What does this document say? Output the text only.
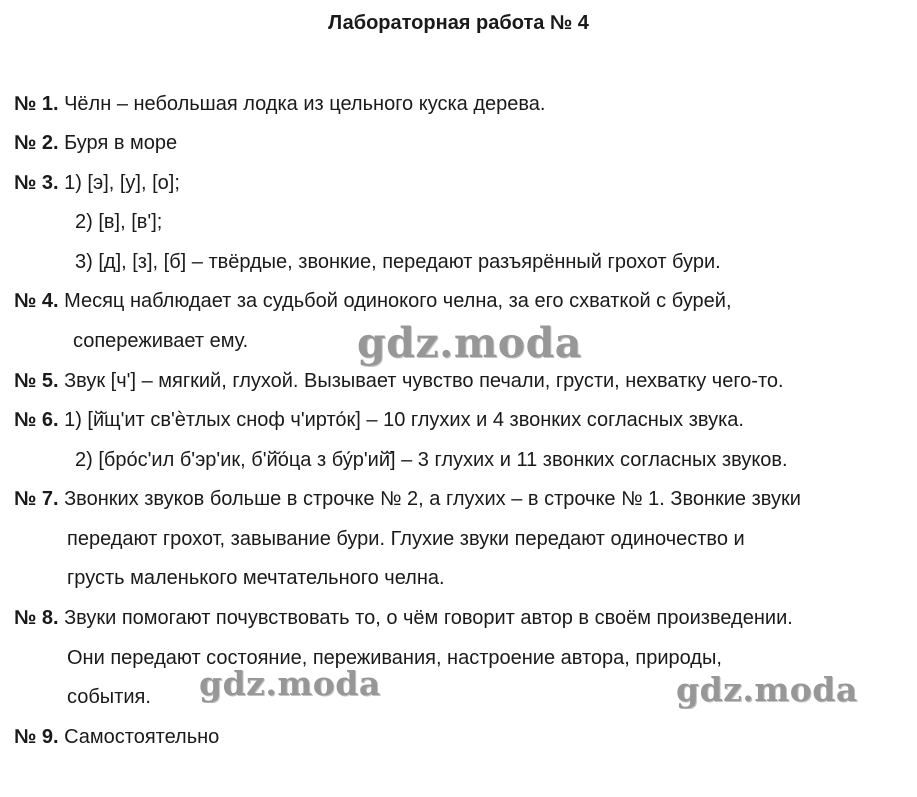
Лабораторная работа № 4
№ 1. Чёлн – небольшая лодка из цельного куска дерева.
№ 2. Буря в море
№ 3. 1) [э], [у], [о];
2) [в], [в'];
3) [д], [з], [б] – твёрдые, звонкие, передают разъярённый грохот бури.
№ 4. Месяц наблюдает за судьбой одинокого челна, за его схваткой с бурей,
сопереживает ему.
№ 5. Звук [ч'] – мягкий, глухой. Вызывает чувство печали, грусти, нехватку чего-то.
№ 6. 1) [й̆щ'ит св'ѐтлых сноф ч'ирто́к] – 10 глухих и 4 звонких согласных звука.
2) [бро́с'ил б'эр'ик, б'й̆о́ца з бу́р'ий̆] – 3 глухих и 11 звонких согласных звуков.
№ 7. Звонких звуков больше в строчке № 2, а глухих – в строчке № 1. Звонкие звуки
передают грохот, завывание бури. Глухие звуки передают одиночество и
грусть маленького мечтательного челна.
№ 8. Звуки помогают почувствовать то, о чём говорит автор в своём произведении.
Они передают состояние, переживания, настроение автора, природы,
события.
№ 9. Самостоятельно
gdz.moda
gdz.moda	gdz.moda
